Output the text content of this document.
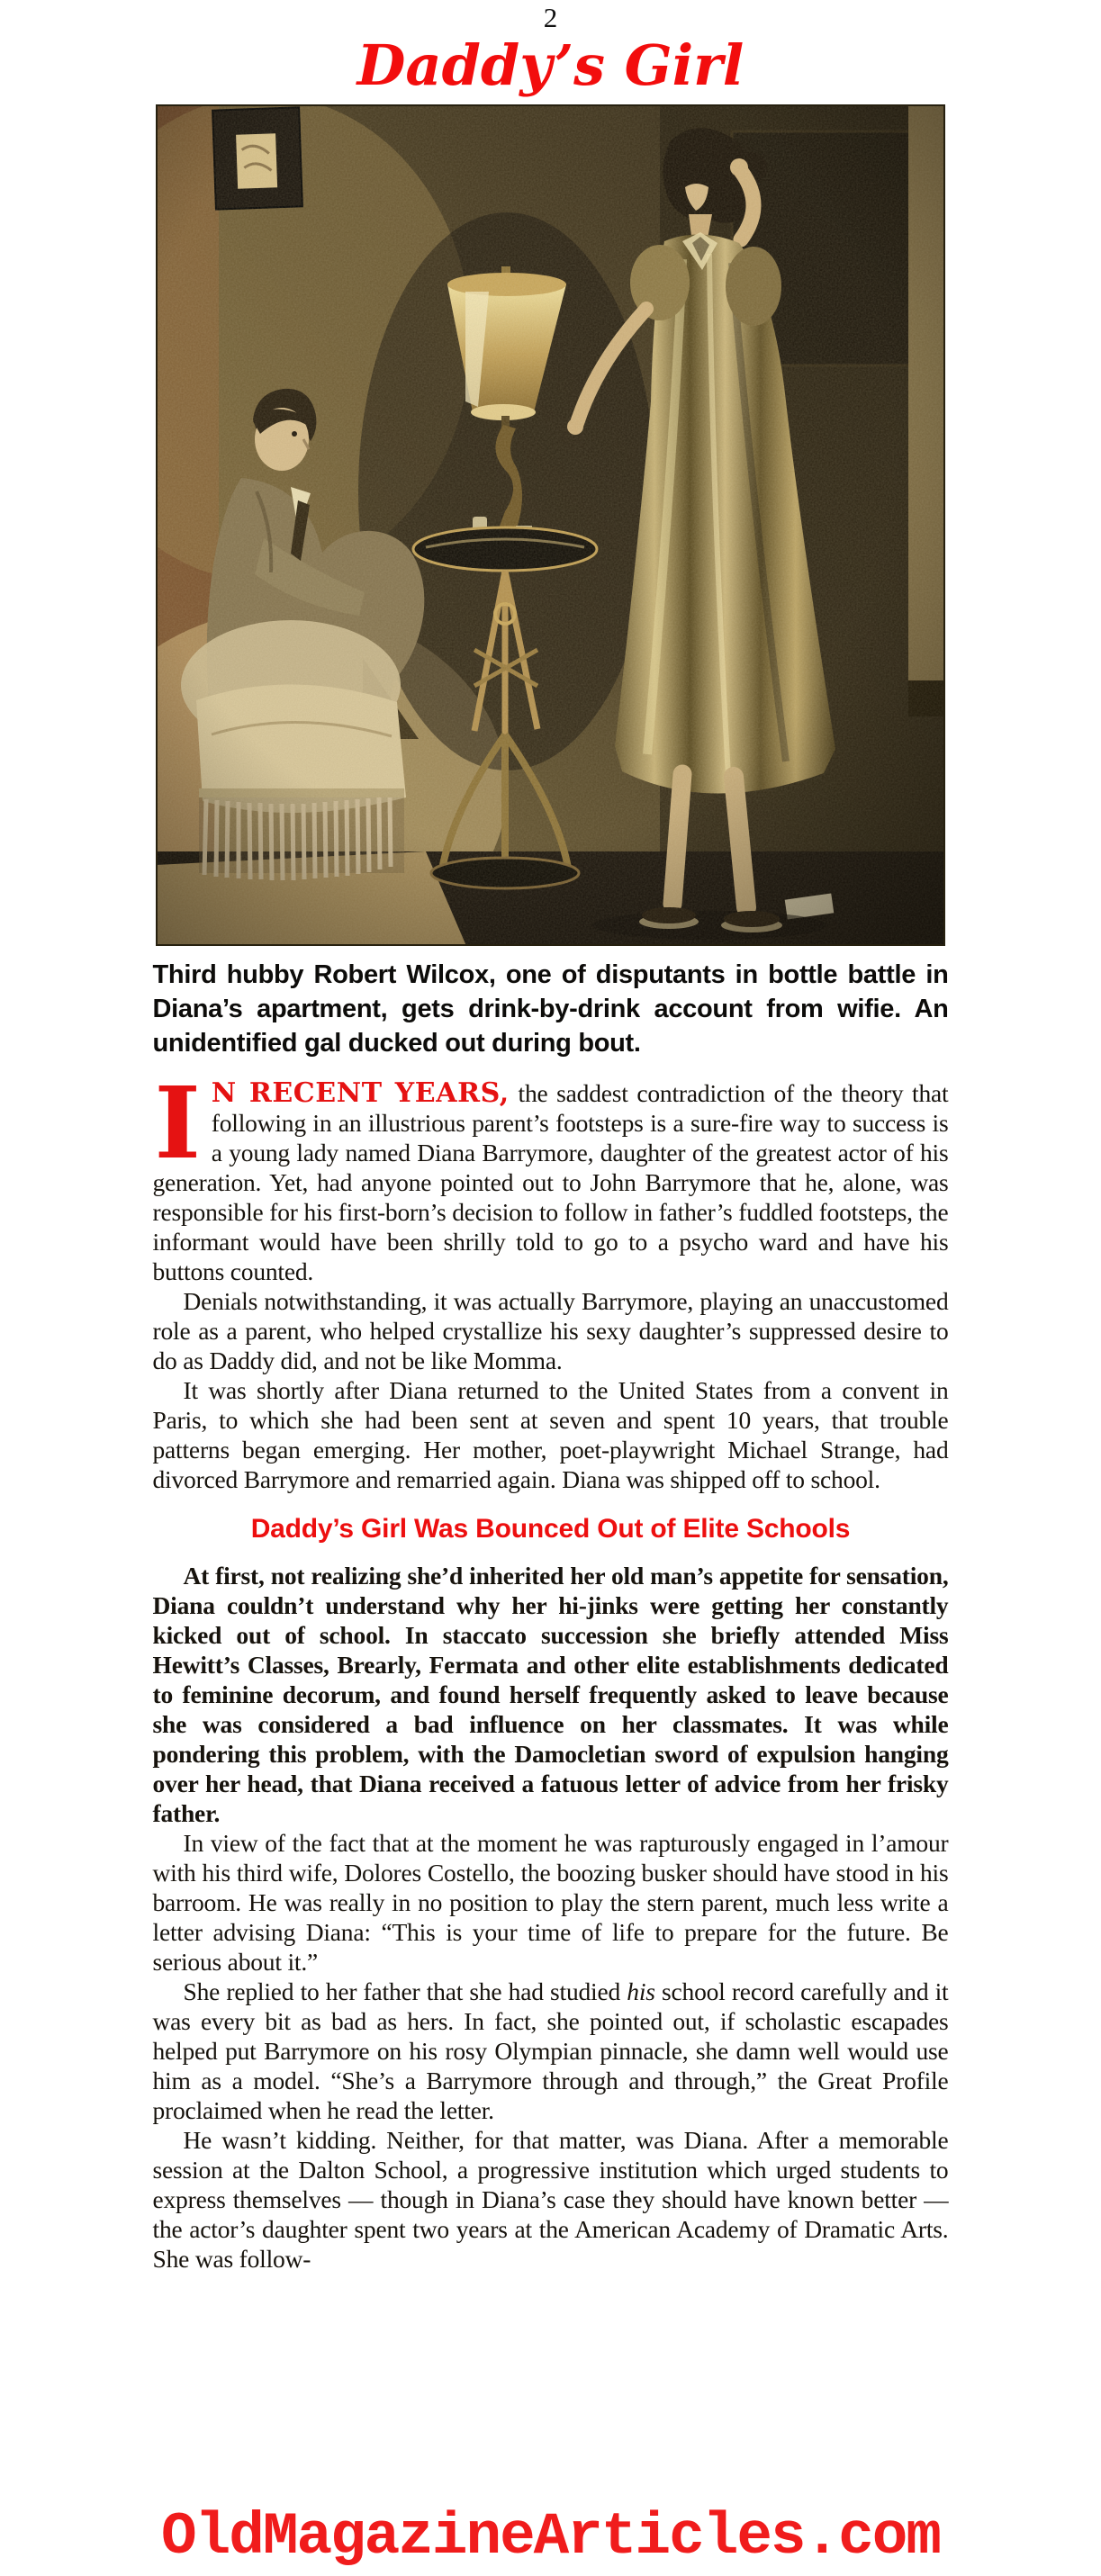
2
Daddy’s Girl

Third hubby Robert Wilcox, one of disputants in bottle battle in Diana’s apartment, gets drink-by-drink account from wifie. An unidentified gal ducked out during bout.

I N RECENT YEARS, the saddest contradiction of the theory that following in an illustrious parent’s footsteps is a sure-fire way to success is a young lady named Diana Barrymore, daughter of the greatest actor of his generation. Yet, had anyone pointed out to John Barrymore that he, alone, was responsible for his first-born’s decision to follow in father’s fuddled footsteps, the informant would have been shrilly told to go to a psycho ward and have his buttons counted.

Denials notwithstanding, it was actually Barrymore, playing an unaccustomed role as a parent, who helped crystallize his sexy daughter’s suppressed desire to do as Daddy did, and not be like Momma.

It was shortly after Diana returned to the United States from a convent in Paris, to which she had been sent at seven and spent 10 years, that trouble patterns began emerging. Her mother, poet-playwright Michael Strange, had divorced Barrymore and remarried again. Diana was shipped off to school.

Daddy’s Girl Was Bounced Out of Elite Schools

At first, not realizing she’d inherited her old man’s appetite for sensation, Diana couldn’t understand why her hi-jinks were getting her constantly kicked out of school. In staccato succession she briefly attended Miss Hewitt’s Classes, Brearly, Fermata and other elite establishments dedicated to feminine decorum, and found herself frequently asked to leave because she was considered a bad influence on her classmates. It was while pondering this problem, with the Damocletian sword of expulsion hanging over her head, that Diana received a fatuous letter of advice from her frisky father.

In view of the fact that at the moment he was rapturously engaged in l’amour with his third wife, Dolores Costello, the boozing busker should have stood in his barroom. He was really in no position to play the stern parent, much less write a letter advising Diana: “This is your time of life to prepare for the future. Be serious about it.”

She replied to her father that she had studied his school record carefully and it was every bit as bad as hers. In fact, she pointed out, if scholastic escapades helped put Barrymore on his rosy Olympian pinnacle, she damn well would use him as a model. “She’s a Barrymore through and through,” the Great Profile proclaimed when he read the letter.

He wasn’t kidding. Neither, for that matter, was Diana. After a memorable session at the Dalton School, a progressive institution which urged students to express themselves — though in Diana’s case they should have known better — the actor’s daughter spent two years at the American Academy of Dramatic Arts. She was follow-

OldMagazineArticles.com
